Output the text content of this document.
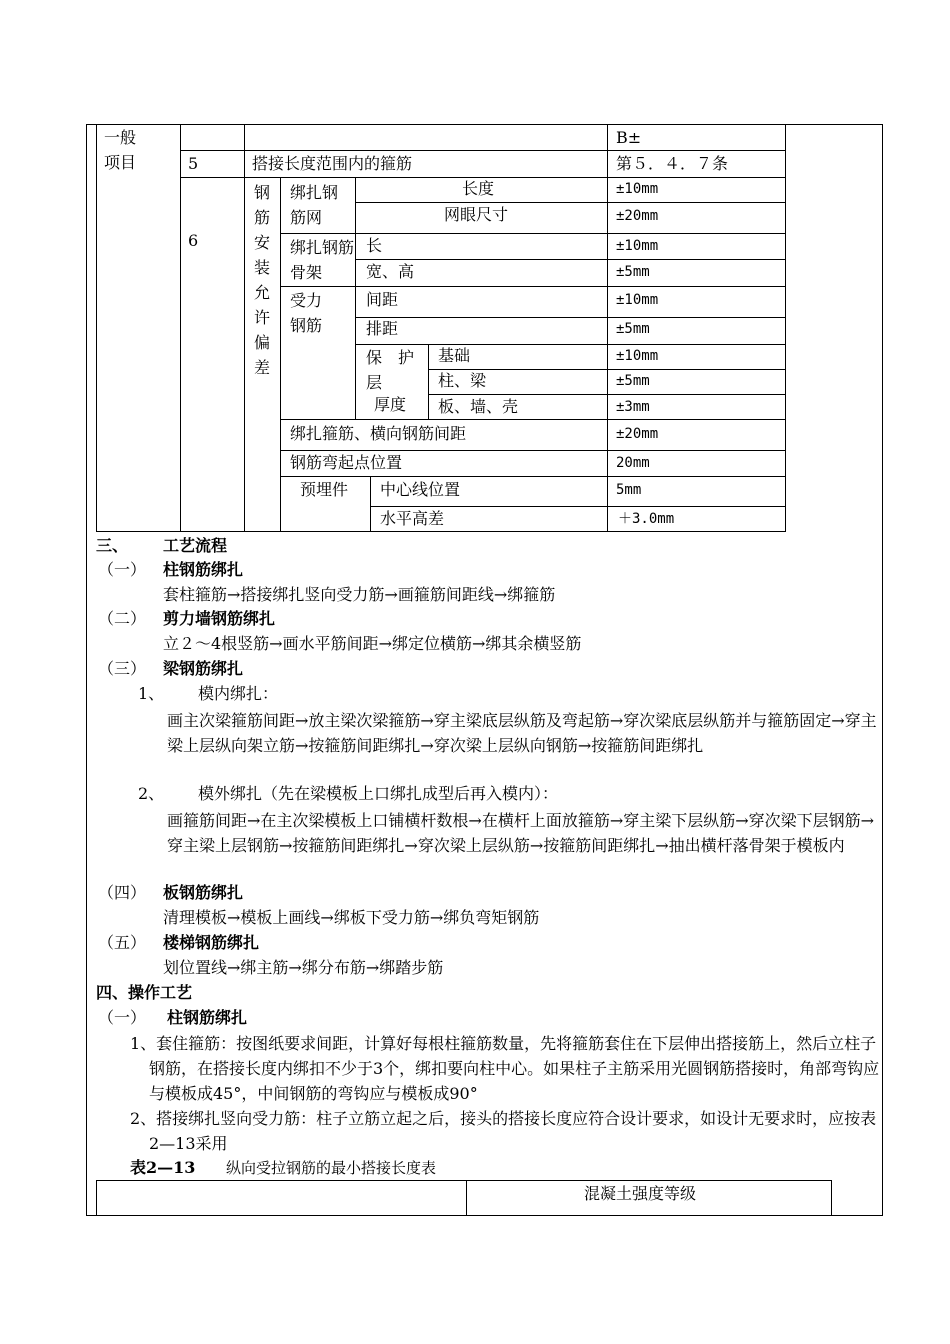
一般
项目
B±
5	搭接长度范围内的箍筋	第５．４．７条
6
钢筋安装允许偏差
绑扎钢筋网
长度	±10mm
网眼尺寸	±20mm
绑扎钢筋骨架
长	±10mm
宽、高	±5mm
受力钢筋
间距	±10mm
排距	±5mm
保　护层
厚度
基础	±10mm
柱、梁	±5mm
板、墙、壳	±3mm
绑扎箍筋、横向钢筋间距	±20mm
钢筋弯起点位置	20mm
预埋件 中心线位置	5mm
水平高差	＋3.0mm
三、 工艺流程
（一） 柱钢筋绑扎
套柱箍筋→搭接绑扎竖向受力筋→画箍筋间距线→绑箍筋
（二） 剪力墙钢筋绑扎
立２～4根竖筋→画水平筋间距→绑定位横筋→绑其余横竖筋
（三） 梁钢筋绑扎
1、 模内绑扎：
画主次梁箍筋间距→放主梁次梁箍筋→穿主梁底层纵筋及弯起筋→穿次梁底层纵筋并与箍筋固定→穿主梁上层纵向架立筋→按箍筋间距绑扎→穿次梁上层纵向钢筋→按箍筋间距绑扎
2、 模外绑扎（先在梁模板上口绑扎成型后再入模内）：
画箍筋间距→在主次梁模板上口铺横杆数根→在横杆上面放箍筋→穿主梁下层纵筋→穿次梁下层钢筋→穿主梁上层钢筋→按箍筋间距绑扎→穿次梁上层纵筋→按箍筋间距绑扎→抽出横杆落骨架于模板内
（四） 板钢筋绑扎
清理模板→模板上画线→绑板下受力筋→绑负弯矩钢筋
（五） 楼梯钢筋绑扎
划位置线→绑主筋→绑分布筋→绑踏步筋
四、操作工艺
（一） 柱钢筋绑扎
1、套住箍筋：按图纸要求间距，计算好每根柱箍筋数量，先将箍筋套住在下层伸出搭接筋上，然后立柱子钢筋，在搭接长度内绑扣不少于3个，绑扣要向柱中心。如果柱子主筋采用光圆钢筋搭接时，角部弯钩应与模板成45°，中间钢筋的弯钩应与模板成90°
2、搭接绑扎竖向受力筋：柱子立筋立起之后，接头的搭接长度应符合设计要求，如设计无要求时，应按表2—13采用
表2—13 纵向受拉钢筋的最小搭接长度表
混凝土强度等级
